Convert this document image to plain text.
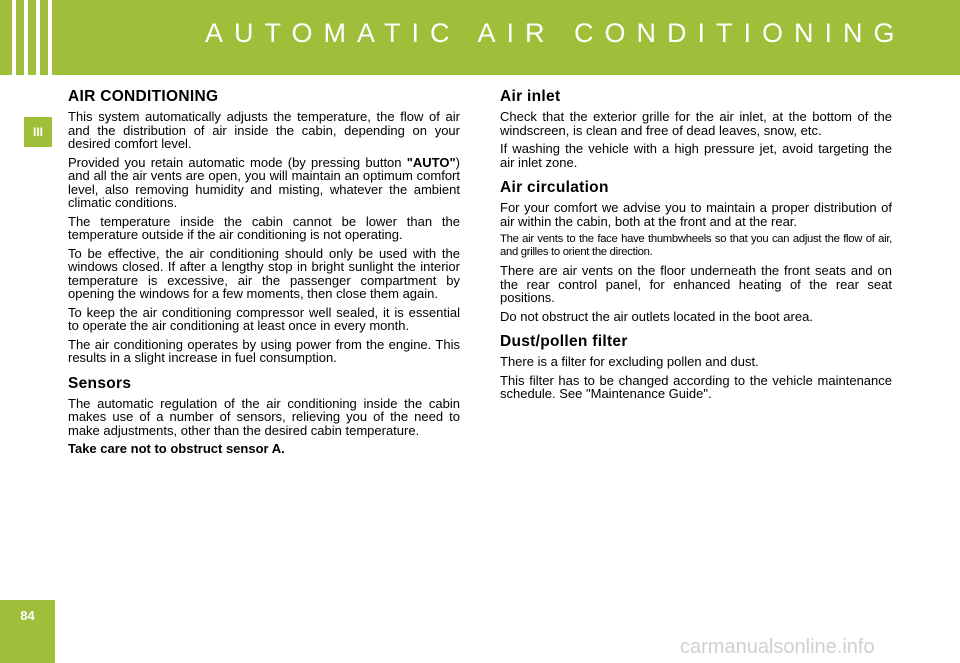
AUTOMATIC AIR CONDITIONING
III
84
AIR CONDITIONING

This system automatically adjusts the temperature, the flow of air and the distribution of air inside the cabin, depending on your desired comfort level.

Provided you retain automatic mode (by pressing button "AUTO") and all the air vents are open, you will maintain an optimum comfort level, also removing humidity and misting, whatever the ambient climatic conditions.

The temperature inside the cabin cannot be lower than the temperature outside if the air conditioning is not operating.

To be effective, the air conditioning should only be used with the windows closed. If after a lengthy stop in bright sunlight the interior temperature is excessive, air the passenger compartment by opening the windows for a few moments, then close them again.

To keep the air conditioning compressor well sealed, it is essential to operate the air conditioning at least once in every month.

The air conditioning operates by using power from the engine. This results in a slight increase in fuel consumption.

Sensors

The automatic regulation of the air conditioning inside the cabin makes use of a number of sensors, relieving you of the need to make adjustments, other than the desired cabin temperature.

Take care not to obstruct sensor A.

Air inlet

Check that the exterior grille for the air inlet, at the bottom of the windscreen, is clean and free of dead leaves, snow, etc.

If washing the vehicle with a high pressure jet, avoid targeting the air inlet zone.

Air circulation

For your comfort we advise you to maintain a proper distribution of air within the cabin, both at the front and at the rear.

The air vents to the face have thumbwheels so that you can adjust the flow of air, and grilles to orient the direction.

There are air vents on the floor underneath the front seats and on the rear control panel, for enhanced heating of the rear seat positions.

Do not obstruct the air outlets located in the boot area.

Dust/pollen filter

There is a filter for excluding pollen and dust.

This filter has to be changed according to the vehicle maintenance schedule. See "Maintenance Guide".

carmanualsonline.info
